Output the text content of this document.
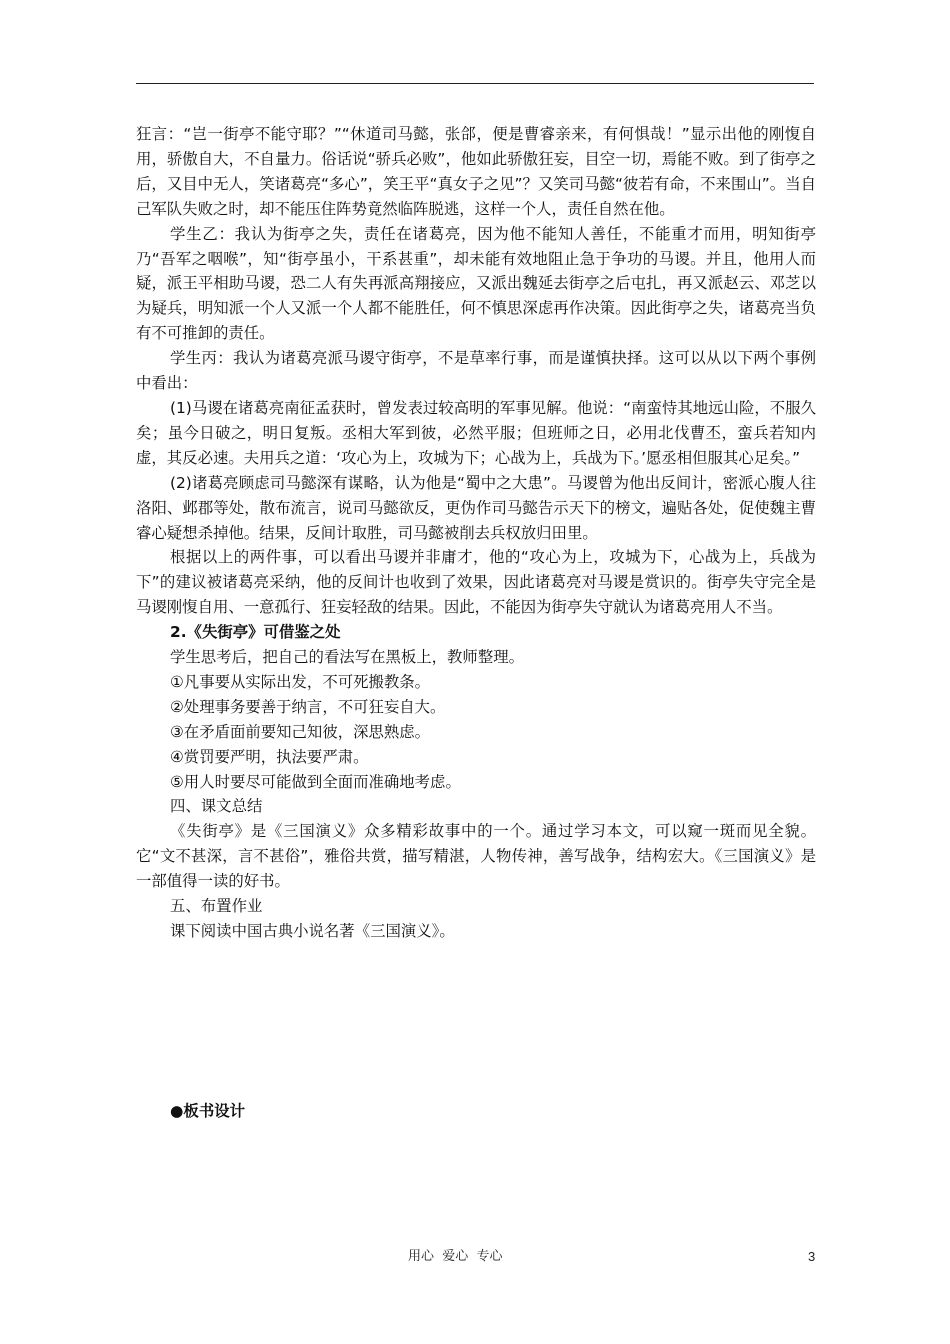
狂言：“岂一街亭不能守耶？”“休道司马懿，张郃，便是曹睿亲来，有何惧哉！”显示出他的刚愎自用，骄傲自大，不自量力。俗话说“骄兵必败”，他如此骄傲狂妄，目空一切，焉能不败。到了街亭之后，又目中无人，笑诸葛亮“多心”，笑王平“真女子之见”？又笑司马懿“彼若有命，不来围山”。当自己军队失败之时，却不能压住阵势竟然临阵脱逃，这样一个人，责任自然在他。

学生乙：我认为街亭之失，责任在诸葛亮，因为他不能知人善任，不能重才而用，明知街亭乃“吾军之咽喉”，知“街亭虽小，干系甚重”，却未能有效地阻止急于争功的马谡。并且，他用人而疑，派王平相助马谡，恐二人有失再派高翔接应，又派出魏延去街亭之后屯扎，再又派赵云、邓芝以为疑兵，明知派一个人又派一个人都不能胜任，何不慎思深虑再作决策。因此街亭之失，诸葛亮当负有不可推卸的责任。

学生丙：我认为诸葛亮派马谡守街亭，不是草率行事，而是谨慎抉择。这可以从以下两个事例中看出：

(1)马谡在诸葛亮南征孟获时，曾发表过较高明的军事见解。他说：“南蛮恃其地远山险，不服久矣；虽今日破之，明日复叛。丞相大军到彼，必然平服；但班师之日，必用北伐曹丕，蛮兵若知内虚，其反必速。夫用兵之道：‘攻心为上，攻城为下；心战为上，兵战为下。’愿丞相但服其心足矣。”

(2)诸葛亮顾虑司马懿深有谋略，认为他是“蜀中之大患”。马谡曾为他出反间计，密派心腹人往洛阳、邺郡等处，散布流言，说司马懿欲反，更伪作司马懿告示天下的榜文，遍贴各处，促使魏主曹睿心疑想杀掉他。结果，反间计取胜，司马懿被削去兵权放归田里。

根据以上的两件事，可以看出马谡并非庸才，他的“攻心为上，攻城为下，心战为上，兵战为下”的建议被诸葛亮采纳，他的反间计也收到了效果，因此诸葛亮对马谡是赏识的。街亭失守完全是马谡刚愎自用、一意孤行、狂妄轻敌的结果。因此，不能因为街亭失守就认为诸葛亮用人不当。

2.《失街亭》可借鉴之处

学生思考后，把自己的看法写在黑板上，教师整理。

①凡事要从实际出发，不可死搬教条。

②处理事务要善于纳言，不可狂妄自大。

③在矛盾面前要知己知彼，深思熟虑。

④赏罚要严明，执法要严肃。

⑤用人时要尽可能做到全面而准确地考虑。

四、课文总结

《失街亭》是《三国演义》众多精彩故事中的一个。通过学习本文，可以窥一斑而见全貌。它“文不甚深，言不甚俗”，雅俗共赏，描写精湛，人物传神，善写战争，结构宏大。《三国演义》是一部值得一读的好书。

五、布置作业

课下阅读中国古典小说名著《三国演义》。

●板书设计
用心  爱心  专心	3
